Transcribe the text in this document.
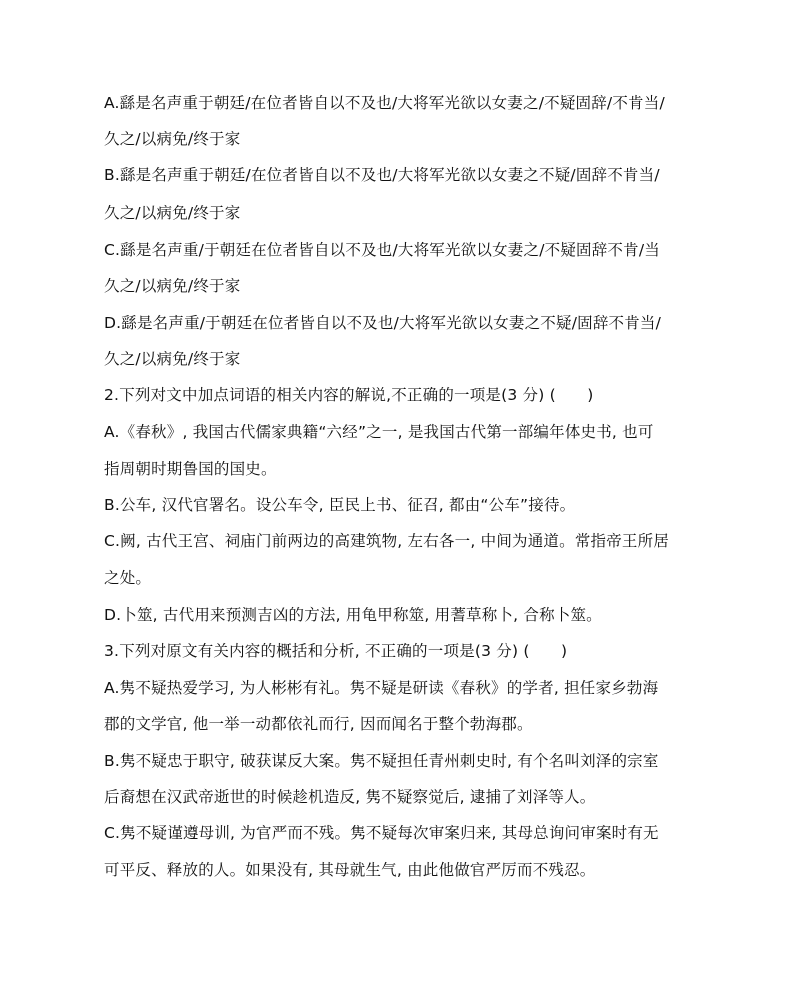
A.繇是名声重于朝廷/在位者皆自以不及也/大将军光欲以女妻之/不疑固辞/不肯当/
久之/以病免/终于家
B.繇是名声重于朝廷/在位者皆自以不及也/大将军光欲以女妻之不疑/固辞不肯当/
久之/以病免/终于家
C.繇是名声重/于朝廷在位者皆自以不及也/大将军光欲以女妻之/不疑固辞不肯/当
久之/以病免/终于家
D.繇是名声重/于朝廷在位者皆自以不及也/大将军光欲以女妻之不疑/固辞不肯当/
久之/以病免/终于家
2.下列对文中加点词语的相关内容的解说,不正确的一项是(3 分) (　　)
A.《春秋》, 我国古代儒家典籍“六经”之一, 是我国古代第一部编年体史书, 也可
指周朝时期鲁国的国史。
B.公车, 汉代官署名。设公车令, 臣民上书、征召, 都由“公车”接待。
C.阙, 古代王宫、祠庙门前两边的高建筑物, 左右各一, 中间为通道。常指帝王所居
之处。
D.卜筮, 古代用来预测吉凶的方法, 用龟甲称筮, 用蓍草称卜, 合称卜筮。
3.下列对原文有关内容的概括和分析, 不正确的一项是(3 分) (　　)
A.隽不疑热爱学习, 为人彬彬有礼。隽不疑是研读《春秋》的学者, 担任家乡勃海
郡的文学官, 他一举一动都依礼而行, 因而闻名于整个勃海郡。
B.隽不疑忠于职守, 破获谋反大案。隽不疑担任青州刺史时, 有个名叫刘泽的宗室
后裔想在汉武帝逝世的时候趁机造反, 隽不疑察觉后, 逮捕了刘泽等人。
C.隽不疑谨遵母训, 为官严而不残。隽不疑每次审案归来, 其母总询问审案时有无
可平反、释放的人。如果没有, 其母就生气, 由此他做官严厉而不残忍。
